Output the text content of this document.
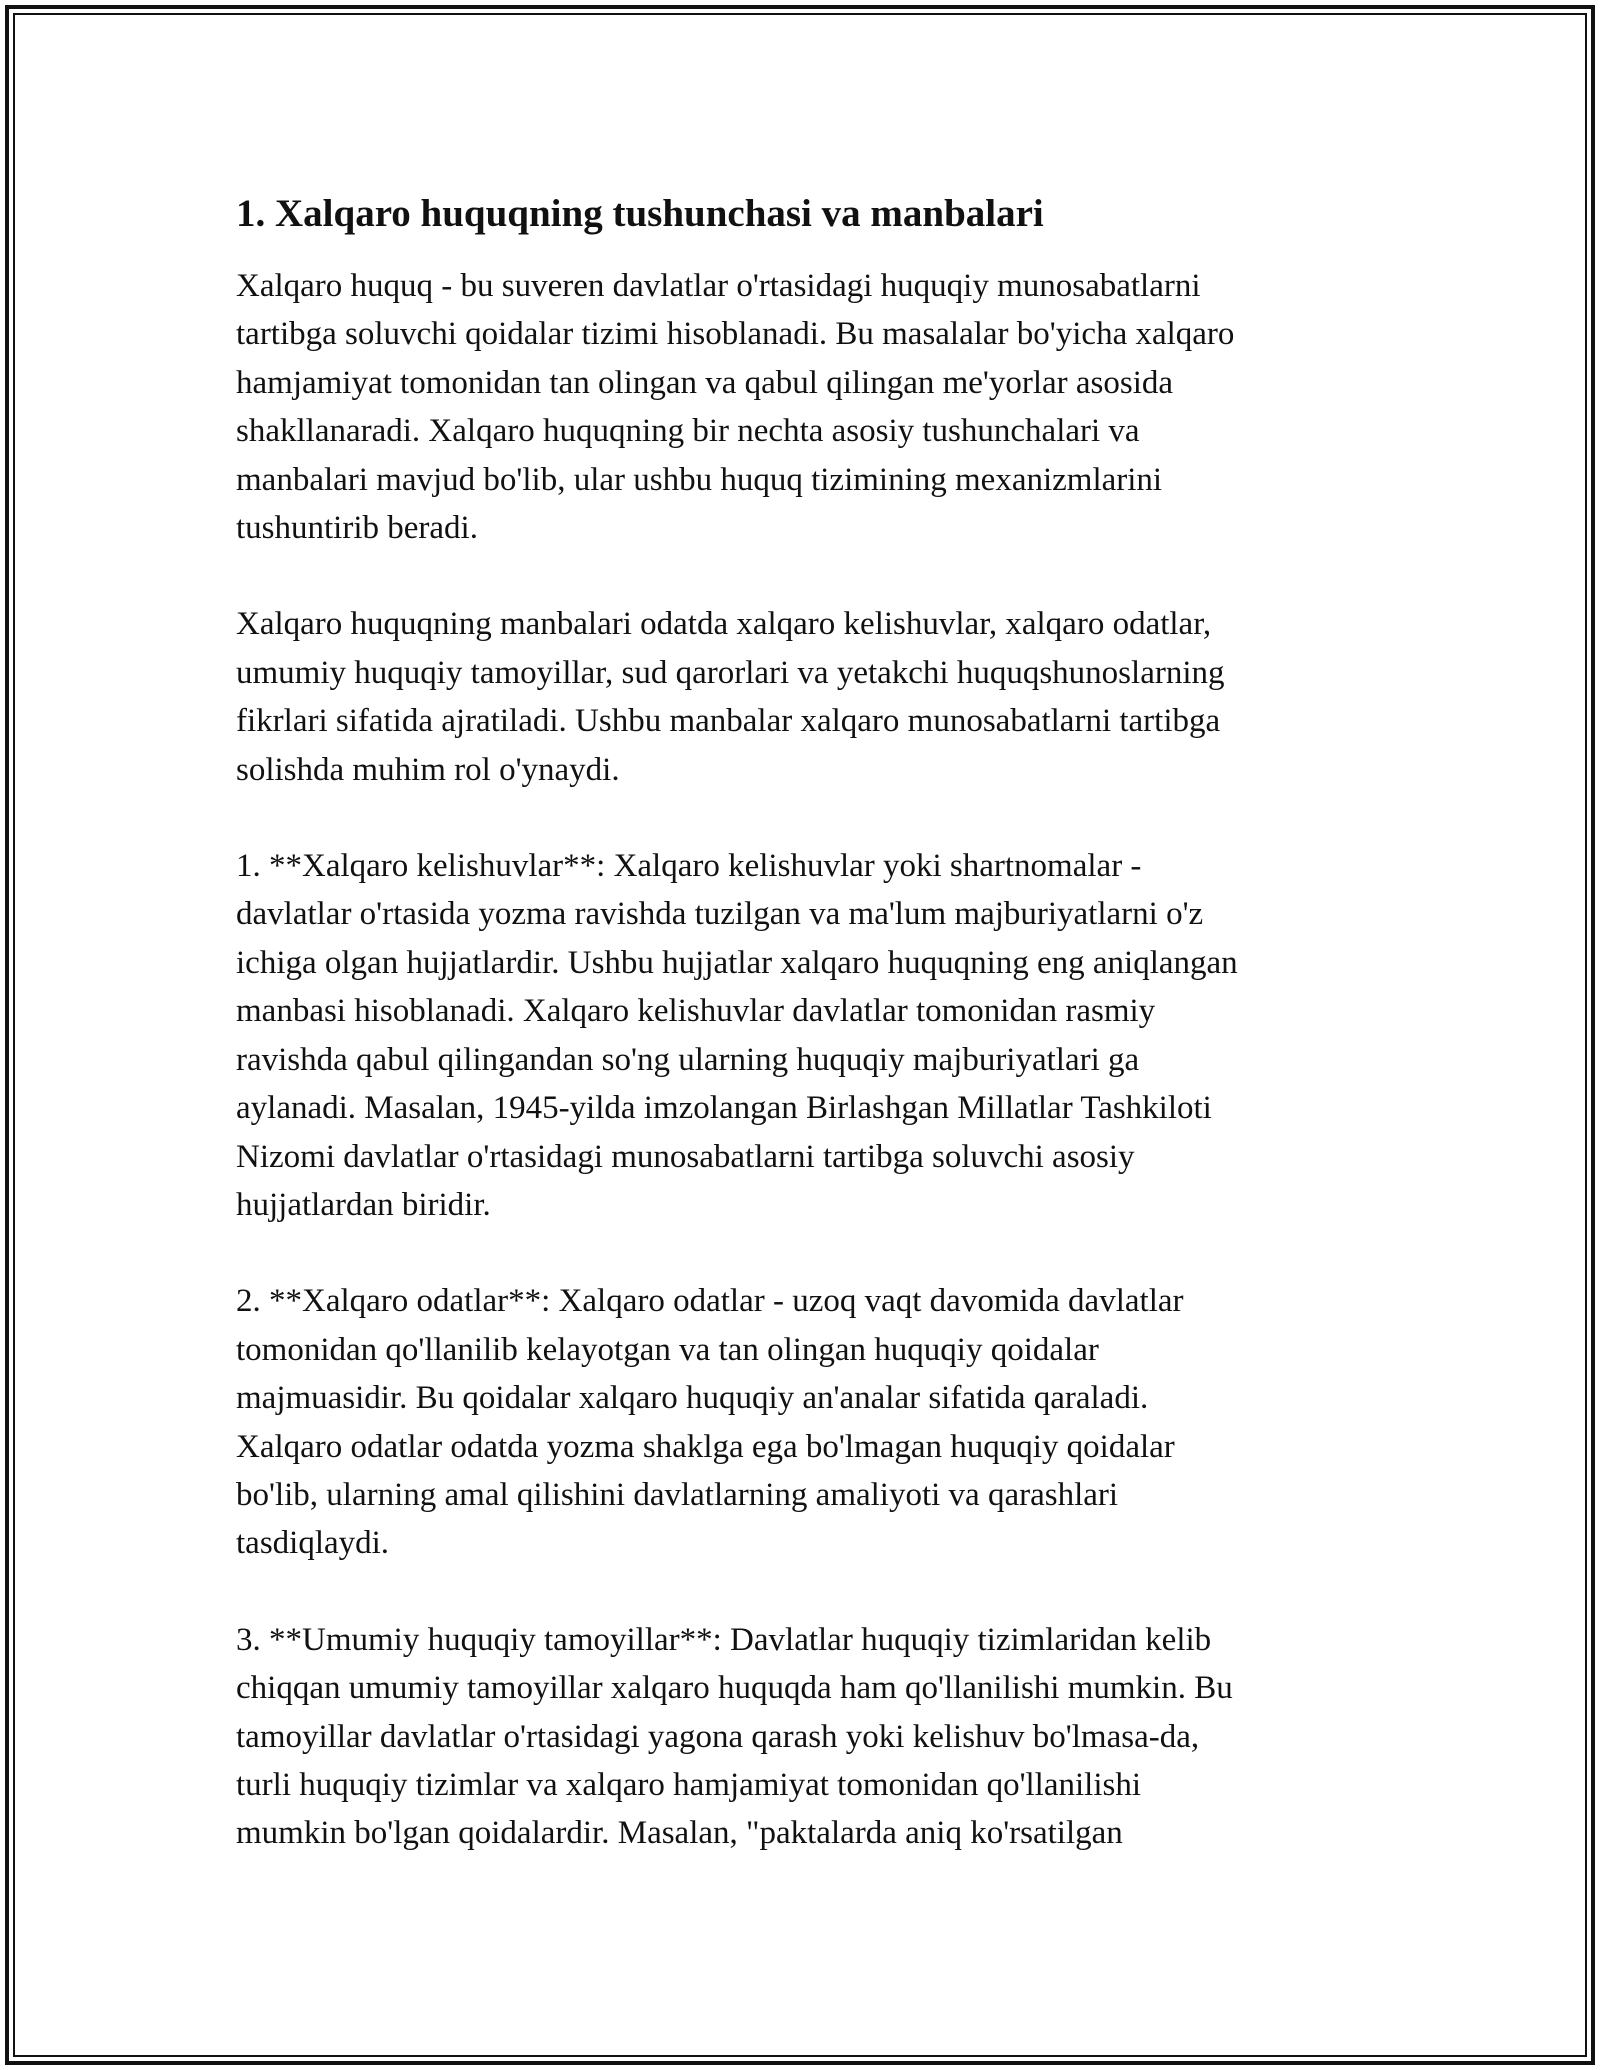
1. Xalqaro huquqning tushunchasi va manbalari

Xalqaro huquq - bu suveren davlatlar o'rtasidagi huquqiy munosabatlarni
tartibga soluvchi qoidalar tizimi hisoblanadi. Bu masalalar bo'yicha xalqaro
hamjamiyat tomonidan tan olingan va qabul qilingan me'yorlar asosida
shakllanaradi. Xalqaro huquqning bir nechta asosiy tushunchalari va
manbalari mavjud bo'lib, ular ushbu huquq tizimining mexanizmlarini
tushuntirib beradi.

Xalqaro huquqning manbalari odatda xalqaro kelishuvlar, xalqaro odatlar,
umumiy huquqiy tamoyillar, sud qarorlari va yetakchi huquqshunoslarning
fikrlari sifatida ajratiladi. Ushbu manbalar xalqaro munosabatlarni tartibga
solishda muhim rol o'ynaydi.

1. **Xalqaro kelishuvlar**: Xalqaro kelishuvlar yoki shartnomalar -
davlatlar o'rtasida yozma ravishda tuzilgan va ma'lum majburiyatlarni o'z
ichiga olgan hujjatlardir. Ushbu hujjatlar xalqaro huquqning eng aniqlangan
manbasi hisoblanadi. Xalqaro kelishuvlar davlatlar tomonidan rasmiy
ravishda qabul qilingandan so'ng ularning huquqiy majburiyatlari ga
aylanadi. Masalan, 1945-yilda imzolangan Birlashgan Millatlar Tashkiloti
Nizomi davlatlar o'rtasidagi munosabatlarni tartibga soluvchi asosiy
hujjatlardan biridir.

2. **Xalqaro odatlar**: Xalqaro odatlar - uzoq vaqt davomida davlatlar
tomonidan qo'llanilib kelayotgan va tan olingan huquqiy qoidalar
majmuasidir. Bu qoidalar xalqaro huquqiy an'analar sifatida qaraladi.
Xalqaro odatlar odatda yozma shaklga ega bo'lmagan huquqiy qoidalar
bo'lib, ularning amal qilishini davlatlarning amaliyoti va qarashlari
tasdiqlaydi.

3. **Umumiy huquqiy tamoyillar**: Davlatlar huquqiy tizimlaridan kelib
chiqqan umumiy tamoyillar xalqaro huquqda ham qo'llanilishi mumkin. Bu
tamoyillar davlatlar o'rtasidagi yagona qarash yoki kelishuv bo'lmasa-da,
turli huquqiy tizimlar va xalqaro hamjamiyat tomonidan qo'llanilishi
mumkin bo'lgan qoidalardir. Masalan, "paktalarda aniq ko'rsatilgan
